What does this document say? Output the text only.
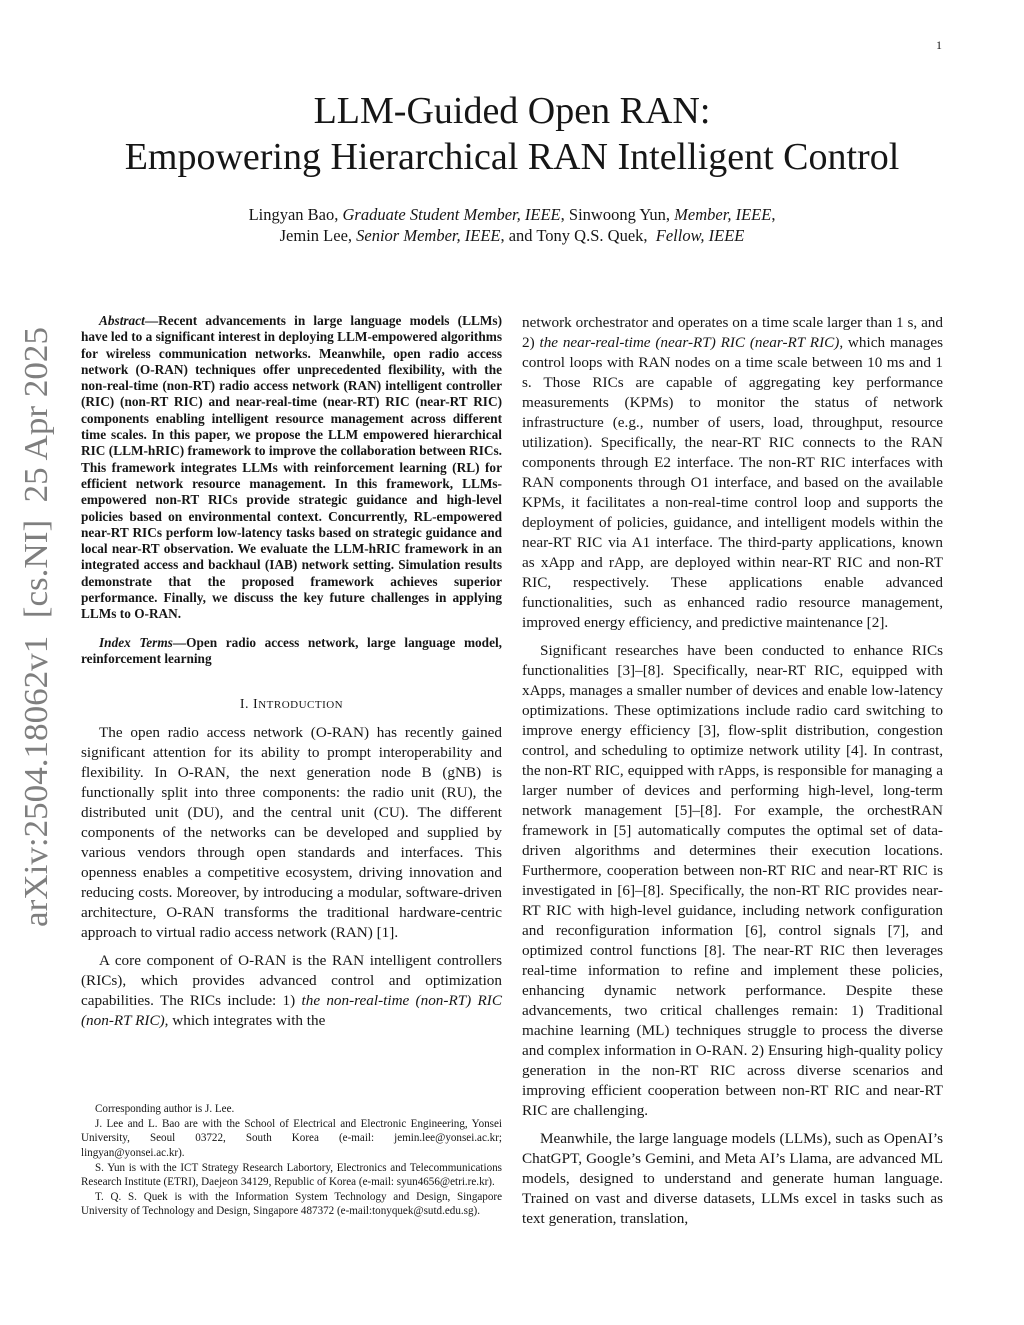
1
arXiv:2504.18062v1  [cs.NI]  25 Apr 2025
LLM-Guided Open RAN:
Empowering Hierarchical RAN Intelligent Control
Lingyan Bao, Graduate Student Member, IEEE, Sinwoong Yun, Member, IEEE,
Jemin Lee, Senior Member, IEEE, and Tony Q.S. Quek,  Fellow, IEEE

Abstract—Recent advancements in large language models (LLMs) have led to a significant interest in deploying LLM-empowered algorithms for wireless communication networks. Meanwhile, open radio access network (O-RAN) techniques offer unprecedented flexibility, with the non-real-time (non-RT) radio access network (RAN) intelligent controller (RIC) (non-RT RIC) and near-real-time (near-RT) RIC (near-RT RIC) components enabling intelligent resource management across different time scales. In this paper, we propose the LLM empowered hierarchical RIC (LLM-hRIC) framework to improve the collaboration between RICs. This framework integrates LLMs with reinforcement learning (RL) for efficient network resource management. In this framework, LLMs-empowered non-RT RICs provide strategic guidance and high-level policies based on environmental context. Concurrently, RL-empowered near-RT RICs perform low-latency tasks based on strategic guidance and local near-RT observation. We evaluate the LLM-hRIC framework in an integrated access and backhaul (IAB) network setting. Simulation results demonstrate that the proposed framework achieves superior performance. Finally, we discuss the key future challenges in applying LLMs to O-RAN.

Index Terms—Open radio access network, large language model, reinforcement learning

I. INTRODUCTION

The open radio access network (O-RAN) has recently gained significant attention for its ability to prompt interoperability and flexibility. In O-RAN, the next generation node B (gNB) is functionally split into three components: the radio unit (RU), the distributed unit (DU), and the central unit (CU). The different components of the networks can be developed and supplied by various vendors through open standards and interfaces. This openness enables a competitive ecosystem, driving innovation and reducing costs. Moreover, by introducing a modular, software-driven architecture, O-RAN transforms the traditional hardware-centric approach to virtual radio access network (RAN) [1].

A core component of O-RAN is the RAN intelligent controllers (RICs), which provides advanced control and optimization capabilities. The RICs include: 1) the non-real-time (non-RT) RIC (non-RT RIC), which integrates with the

Corresponding author is J. Lee.

J. Lee and L. Bao are with the School of Electrical and Electronic Engineering, Yonsei University, Seoul 03722, South Korea (e-mail: jemin.lee@yonsei.ac.kr; lingyan@yonsei.ac.kr).

S. Yun is with the ICT Strategy Research Labortory, Electronics and Telecommunications Research Institute (ETRI), Daejeon 34129, Republic of Korea (e-mail: syun4656@etri.re.kr).

T. Q. S. Quek is with the Information System Technology and Design, Singapore University of Technology and Design, Singapore 487372 (e-mail:tonyquek@sutd.edu.sg).

network orchestrator and operates on a time scale larger than 1 s, and 2) the near-real-time (near-RT) RIC (near-RT RIC), which manages control loops with RAN nodes on a time scale between 10 ms and 1 s. Those RICs are capable of aggregating key performance measurements (KPMs) to monitor the status of network infrastructure (e.g., number of users, load, throughput, resource utilization). Specifically, the near-RT RIC connects to the RAN components through E2 interface. The non-RT RIC interfaces with RAN components through O1 interface, and based on the available KPMs, it facilitates a non-real-time control loop and supports the deployment of policies, guidance, and intelligent models within the near-RT RIC via A1 interface. The third-party applications, known as xApp and rApp, are deployed within near-RT RIC and non-RT RIC, respectively. These applications enable advanced functionalities, such as enhanced radio resource management, improved energy efficiency, and predictive maintenance [2].

Significant researches have been conducted to enhance RICs functionalities [3]–[8]. Specifically, near-RT RIC, equipped with xApps, manages a smaller number of devices and enable low-latency optimizations. These optimizations include radio card switching to improve energy efficiency [3], flow-split distribution, congestion control, and scheduling to optimize network utility [4]. In contrast, the non-RT RIC, equipped with rApps, is responsible for managing a larger number of devices and performing high-level, long-term network management [5]–[8]. For example, the orchestRAN framework in [5] automatically computes the optimal set of data-driven algorithms and determines their execution locations. Furthermore, cooperation between non-RT RIC and near-RT RIC is investigated in [6]–[8]. Specifically, the non-RT RIC provides near-RT RIC with high-level guidance, including network configuration and reconfiguration information [6], control signals [7], and optimized control functions [8]. The near-RT RIC then leverages real-time information to refine and implement these policies, enhancing dynamic network performance. Despite these advancements, two critical challenges remain: 1) Traditional machine learning (ML) techniques struggle to process the diverse and complex information in O-RAN. 2) Ensuring high-quality policy generation in the non-RT RIC across diverse scenarios and improving efficient cooperation between non-RT RIC and near-RT RIC are challenging.

Meanwhile, the large language models (LLMs), such as OpenAI’s ChatGPT, Google’s Gemini, and Meta AI’s Llama, are advanced ML models, designed to understand and generate human language. Trained on vast and diverse datasets, LLMs excel in tasks such as text generation, translation,
